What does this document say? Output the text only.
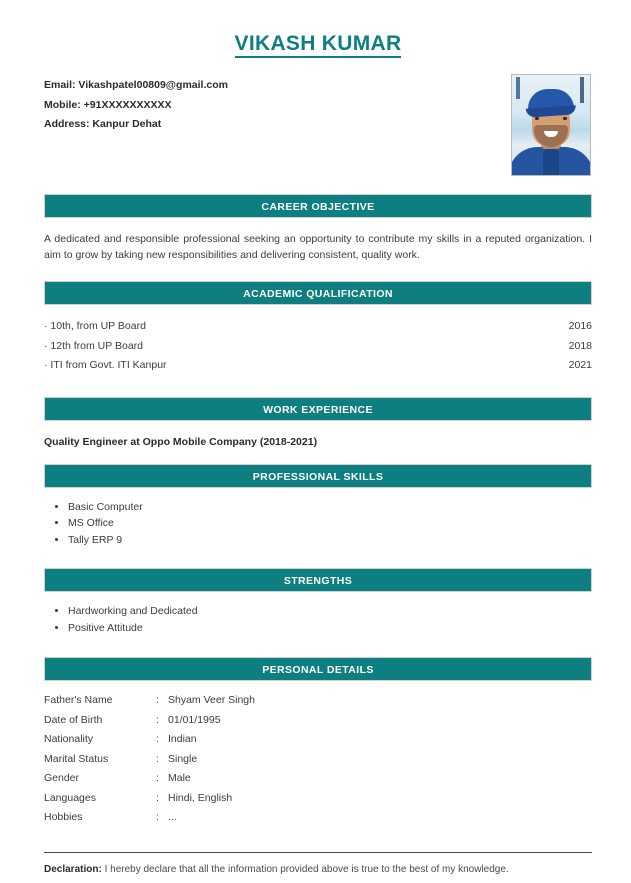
VIKASH KUMAR
Email: Vikashpatel00809@gmail.com
Mobile: +91XXXXXXXXXX
Address: Kanpur Dehat
CAREER OBJECTIVE
A dedicated and responsible professional seeking an opportunity to contribute my skills in a reputed organization. I aim to grow by taking new responsibilities and delivering consistent, quality work.
ACADEMIC QUALIFICATION
· 10th, from UP Board	2016
· 12th from UP Board	2018
· ITI from Govt. ITI Kanpur	2021
WORK EXPERIENCE
Quality Engineer at Oppo Mobile Company (2018-2021)
PROFESSIONAL SKILLS
• Basic Computer
• MS Office
• Tally ERP 9
STRENGTHS
• Hardworking and Dedicated
• Positive Attitude
PERSONAL DETAILS
Father's Name	:	Shyam Veer Singh
Date of Birth	:	01/01/1995
Nationality	:	Indian
Marital Status	:	Single
Gender	:	Male
Languages	:	Hindi, English
Hobbies	:	...
Declaration: I hereby declare that all the information provided above is true to the best of my knowledge.
